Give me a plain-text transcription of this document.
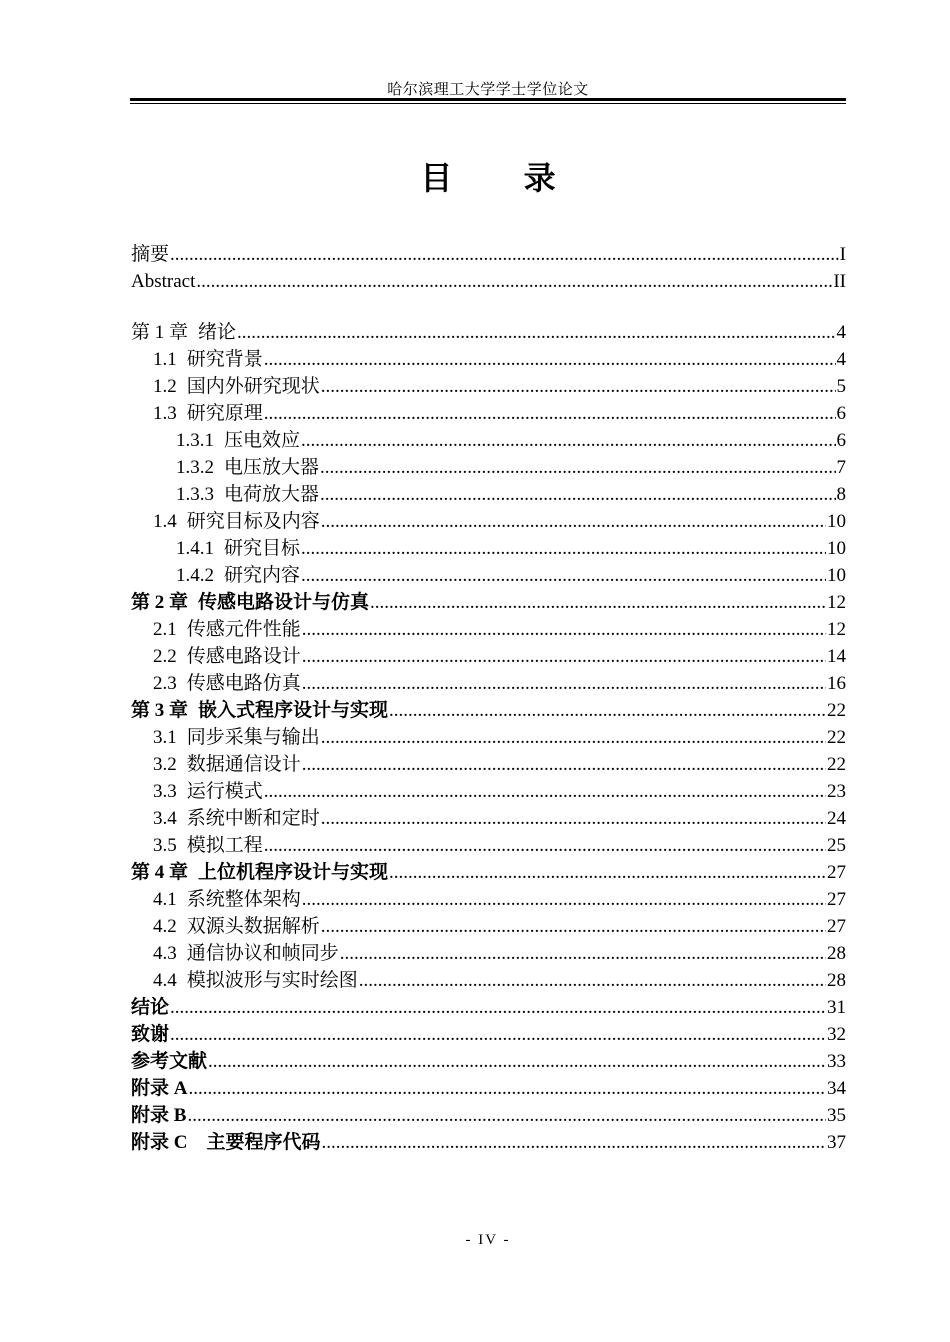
哈尔滨理工大学学士学位论文
目 录
摘要 .....	I
Abstract .....	II
第 1 章 绪论 .....	4
1.1 研究背景 .....	4
1.2 国内外研究现状 .....	5
1.3 研究原理 .....	6
1.3.1 压电效应 .....	6
1.3.2 电压放大器 .....	7
1.3.3 电荷放大器 .....	8
1.4 研究目标及内容 .....	10
1.4.1 研究目标 .....	10
1.4.2 研究内容 .....	10
第 2 章 传感电路设计与仿真 .....	12
2.1 传感元件性能 .....	12
2.2 传感电路设计 .....	14
2.3 传感电路仿真 .....	16
第 3 章 嵌入式程序设计与实现 .....	22
3.1 同步采集与输出 .....	22
3.2 数据通信设计 .....	22
3.3 运行模式 .....	23
3.4 系统中断和定时 .....	24
3.5 模拟工程 .....	25
第 4 章 上位机程序设计与实现 .....	27
4.1 系统整体架构 .....	27
4.2 双源头数据解析 .....	27
4.3 通信协议和帧同步 .....	28
4.4 模拟波形与实时绘图 .....	28
结论 .....	31
致谢 .....	32
参考文献 .....	33
附录 A .....	34
附录 B .....	35
附录 C　主要程序代码 .....	37
- IV -
